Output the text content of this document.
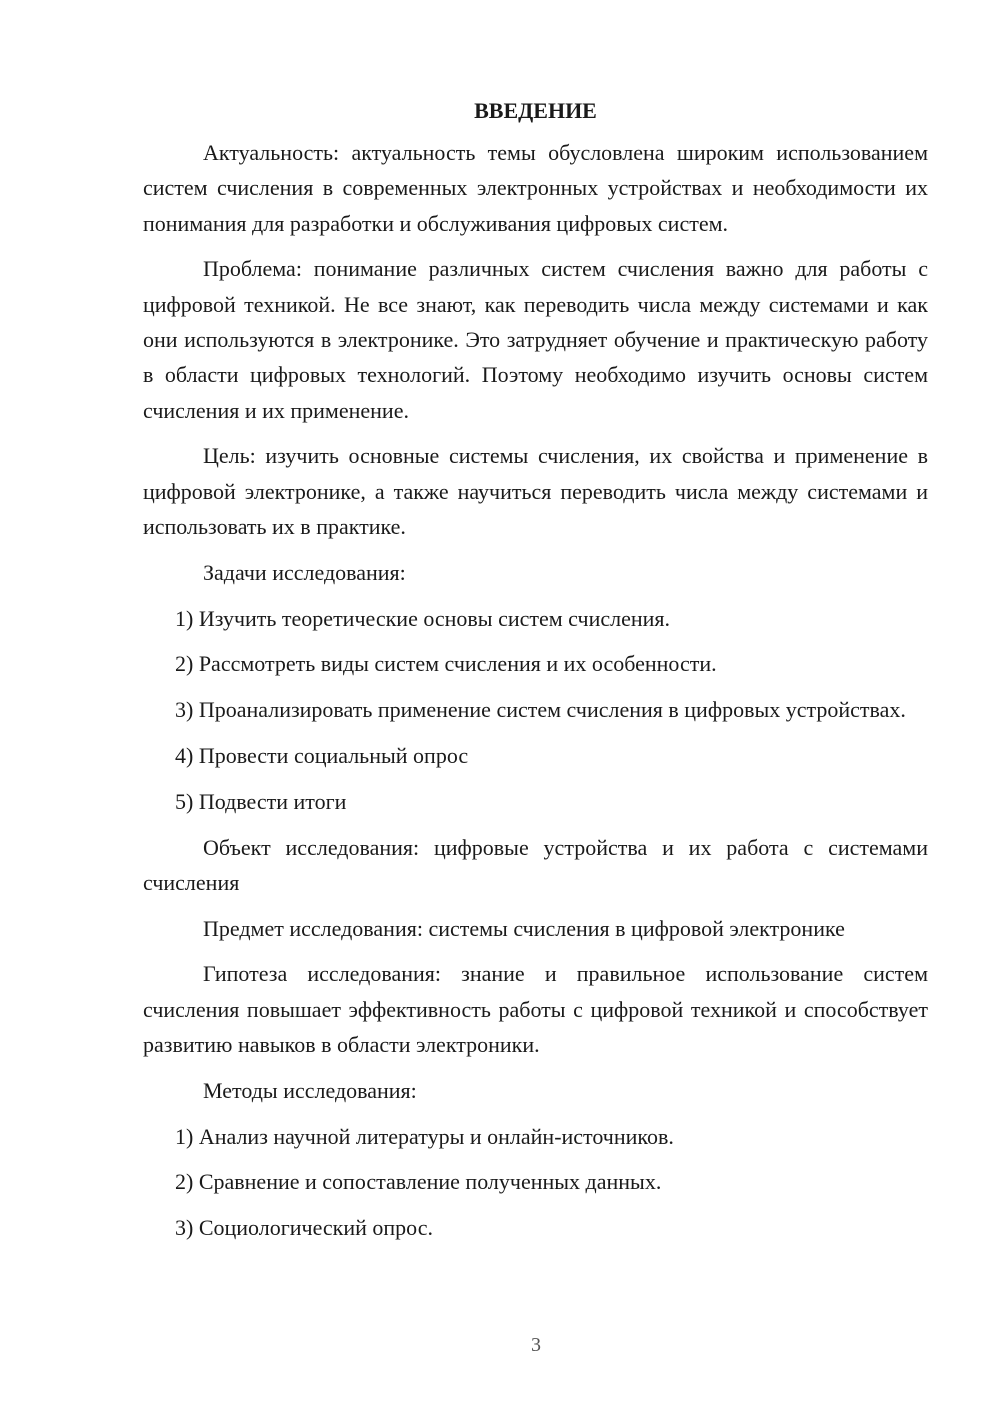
ВВЕДЕНИЕ

Актуальность: актуальность темы обусловлена широким использованием систем счисления в современных электронных устройствах и необходимости их понимания для разработки и обслуживания цифровых систем.

Проблема: понимание различных систем счисления важно для работы с цифровой техникой. Не все знают, как переводить числа между системами и как они используются в электронике. Это затрудняет обучение и практическую работу в области цифровых технологий. Поэтому необходимо изучить основы систем счисления и их применение.

Цель: изучить основные системы счисления, их свойства и применение в цифровой электронике, а также научиться переводить числа между системами и использовать их в практике.

Задачи исследования:

1) Изучить теоретические основы систем счисления.

2) Рассмотреть виды систем счисления и их особенности.

3) Проанализировать применение систем счисления в цифровых устройствах.

4) Провести социальный опрос

5) Подвести итоги

Объект исследования: цифровые устройства и их работа с системами счисления

Предмет исследования: системы счисления в цифровой электронике

Гипотеза исследования: знание и правильное использование систем счисления повышает эффективность работы с цифровой техникой и способствует развитию навыков в области электроники.

Методы исследования:

1) Анализ научной литературы и онлайн-источников.

2) Сравнение и сопоставление полученных данных.

3) Социологический опрос.

3
